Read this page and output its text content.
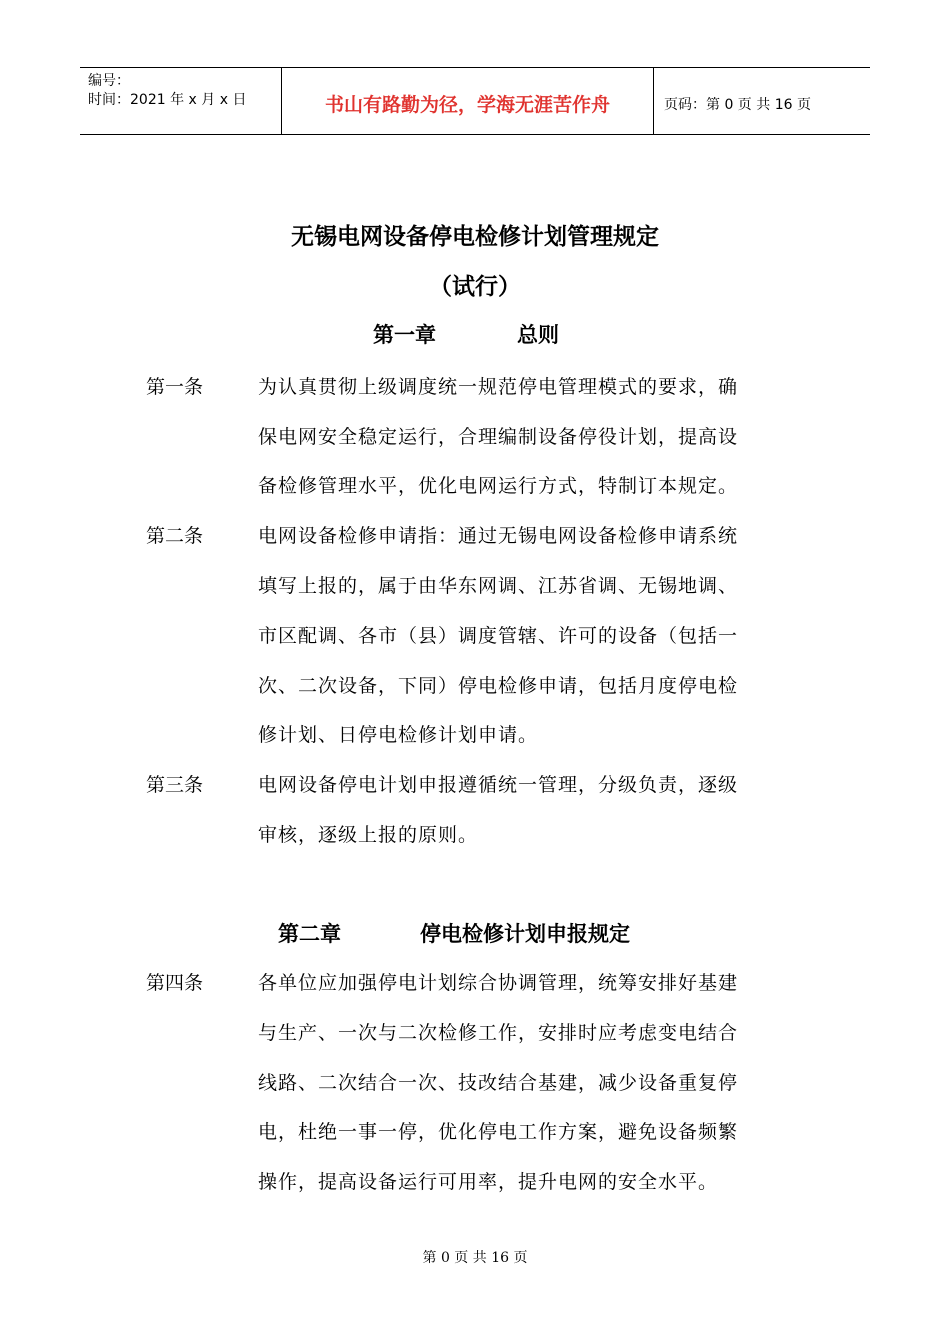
编号：
时间：2021 年 x 月 x 日	书山有路勤为径，学海无涯苦作舟	页码：第 0 页 共 16 页
无锡电网设备停电检修计划管理规定
（试行）
第一章	总则
第一条	为认真贯彻上级调度统一规范停电管理模式的要求，确
保电网安全稳定运行，合理编制设备停役计划，提高设
备检修管理水平，优化电网运行方式，特制订本规定。
第二条	电网设备检修申请指：通过无锡电网设备检修申请系统
填写上报的，属于由华东网调、江苏省调、无锡地调、
市区配调、各市（县）调度管辖、许可的设备（包括一
次、二次设备，下同）停电检修申请，包括月度停电检
修计划、日停电检修计划申请。
第三条	电网设备停电计划申报遵循统一管理，分级负责，逐级
审核，逐级上报的原则。
第二章	停电检修计划申报规定
第四条	各单位应加强停电计划综合协调管理，统筹安排好基建
与生产、一次与二次检修工作，安排时应考虑变电结合
线路、二次结合一次、技改结合基建，减少设备重复停
电，杜绝一事一停，优化停电工作方案，避免设备频繁
操作，提高设备运行可用率，提升电网的安全水平。
第 0 页 共 16 页
